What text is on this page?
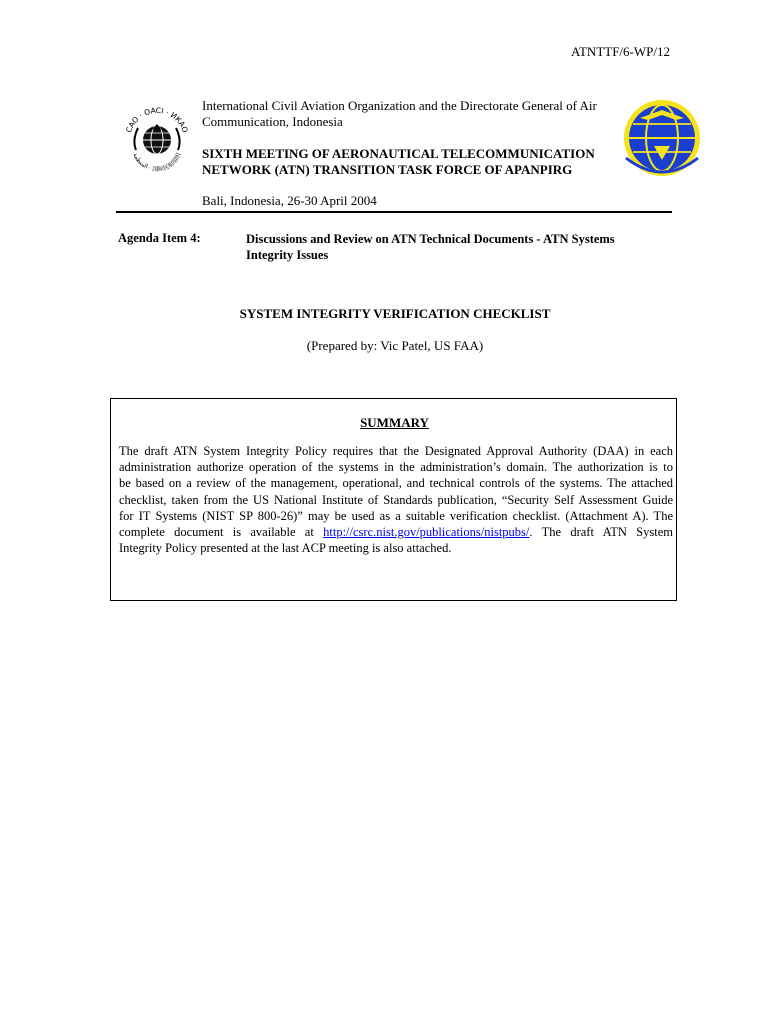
ATNTTF/6-WP/12
CAO · OACI · ИКАО
المنظمة · 国际民航组织
International Civil Aviation Organization and the Directorate General of Air
Communication, Indonesia
SIXTH MEETING OF AERONAUTICAL TELECOMMUNICATION
NETWORK (ATN) TRANSITION TASK FORCE OF APANPIRG
Bali, Indonesia, 26-30 April 2004
Agenda Item 4:	Discussions and Review on ATN Technical Documents - ATN Systems
Integrity Issues
SYSTEM INTEGRITY VERIFICATION CHECKLIST
(Prepared by: Vic Patel, US FAA)
SUMMARY
The draft ATN System Integrity Policy requires that the Designated Approval Authority (DAA) in each
administration authorize operation of the systems in the administration’s domain. The authorization is to
be based on a review of the management, operational, and technical controls of the systems. The attached
checklist, taken from the US National Institute of Standards publication, “Security Self Assessment Guide
for IT Systems (NIST SP 800-26)” may be used as a suitable verification checklist. (Attachment A). The
complete document is available at http://csrc.nist.gov/publications/nistpubs/. The draft ATN System
Integrity Policy presented at the last ACP meeting is also attached.
